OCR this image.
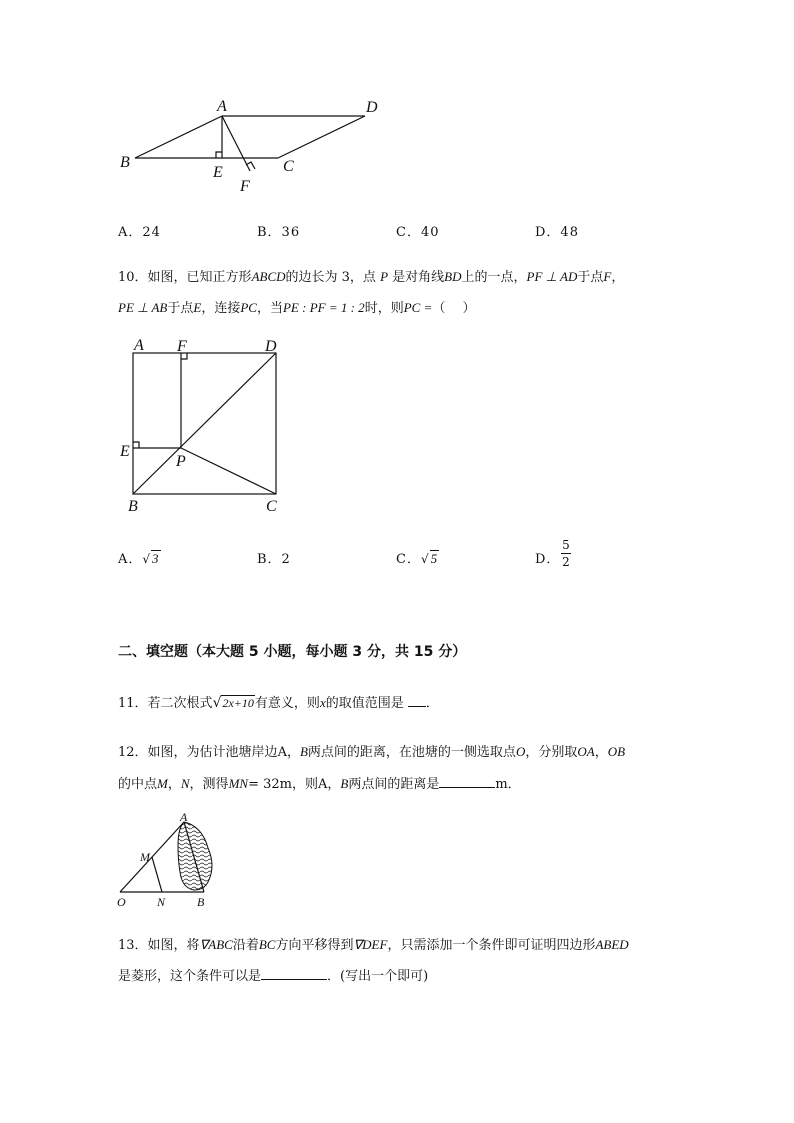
A	D
B
E	C
F
A．24	B．36	C．40	D．48
10．如图，已知正方形ABCD的边长为 3，点 P 是对角线BD上的一点，PF ⊥ AD于点F，
PE ⊥ AB于点E，连接PC，当PE : PF = 1 : 2时，则PC =（　 ）
A F	D
E
P
B	C
A．√3	B．2	C．√5	D．
5
2
二、填空题（本大题 5 小题，每小题 3 分，共 15 分）
11．若二次根式√2x+10有意义，则x的取值范围是 ．
12．如图，为估计池塘岸边A，B两点间的距离，在池塘的一侧选取点O，分别取OA，OB
的中点M，N，测得MN= 32m，则A，B两点间的距离是	m．
A
M
O	N	B
13．如图，将∇ABC沿着BC方向平移得到∇DEF，只需添加一个条件即可证明四边形ABED
是菱形，这个条件可以是	．(写出一个即可)
